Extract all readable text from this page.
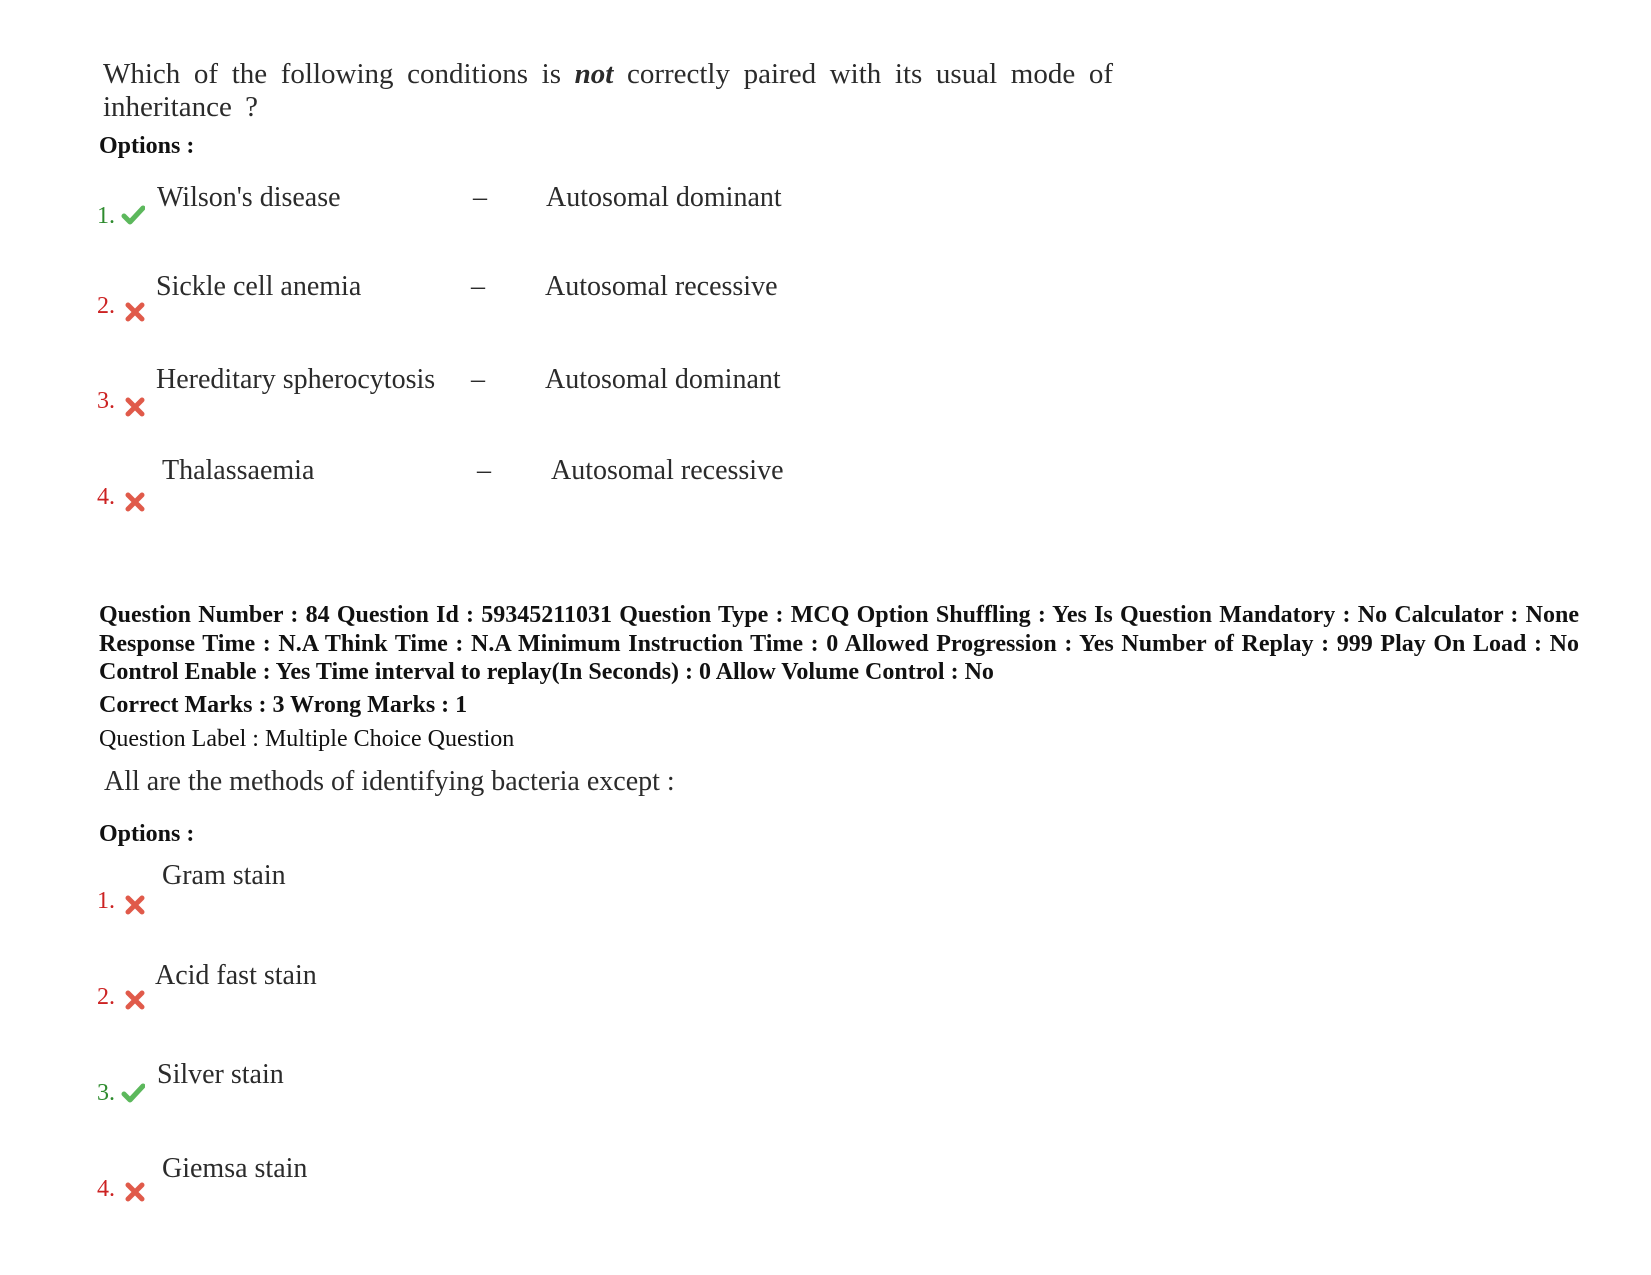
Which of the following conditions is not correctly paired with its usual mode of inheritance ?
Options :
1.
Wilson's disease	– Autosomal dominant
2.
Sickle cell anemia	– Autosomal recessive
3.
Hereditary spherocytosis – Autosomal dominant
4.
Thalassaemia	– Autosomal recessive
Question Number : 84 Question Id : 59345211031 Question Type : MCQ Option Shuffling : Yes Is Question Mandatory : No Calculator : None Response Time : N.A Think Time : N.A Minimum Instruction Time : 0 Allowed Progression : Yes Number of Replay : 999 Play On Load : No Control Enable : Yes Time interval to replay(In Seconds) : 0 Allow Volume Control : No
Correct Marks : 3 Wrong Marks : 1
Question Label : Multiple Choice Question
All are the methods of identifying bacteria except :
Options :
1.
Gram stain
2.
Acid fast stain
3.
Silver stain
4.
Giemsa stain
